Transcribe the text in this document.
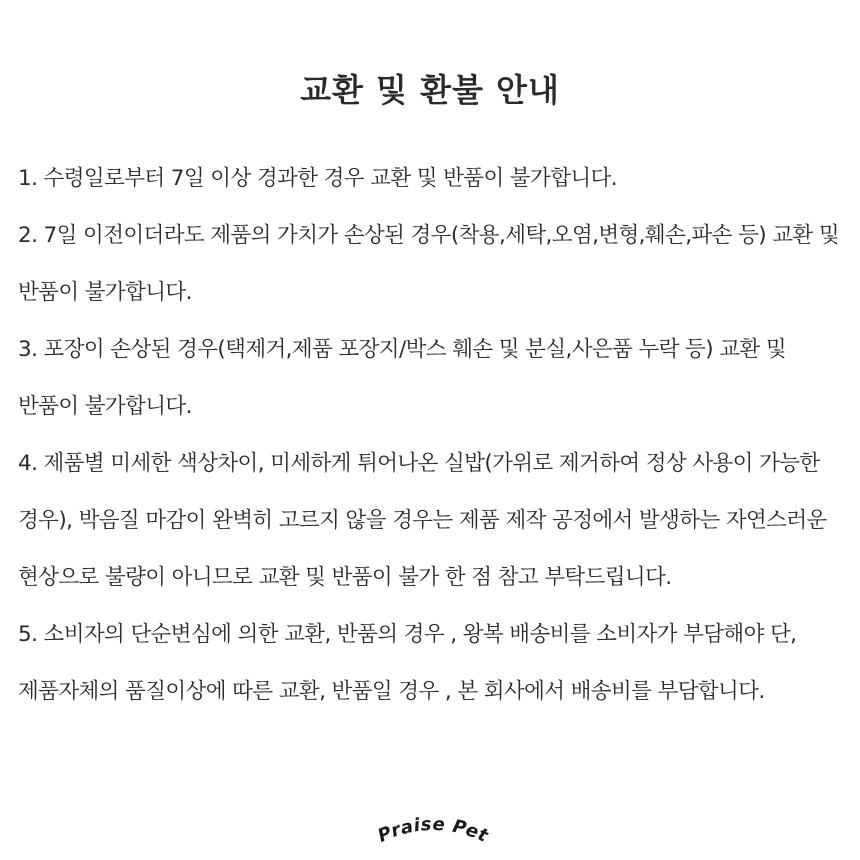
교환 및 환불 안내

1. 수령일로부터 7일 이상 경과한 경우 교환 및 반품이 불가합니다.

2. 7일 이전이더라도 제품의 가치가 손상된 경우(착용,세탁,오염,변형,훼손,파손 등) 교환 및 반품이 불가합니다.

3. 포장이 손상된 경우(택제거,제품 포장지/박스 훼손 및 분실,사은품 누락 등) 교환 및 반품이 불가합니다.

4. 제품별 미세한 색상차이, 미세하게 튀어나온 실밥(가위로 제거하여 정상 사용이 가능한 경우), 박음질 마감이 완벽히 고르지 않을 경우는 제품 제작 공정에서 발생하는 자연스러운 현상으로 불량이 아니므로 교환 및 반품이 불가 한 점 참고 부탁드립니다.

5. 소비자의 단순변심에 의한 교환, 반품의 경우 , 왕복 배송비를 소비자가 부담해야 단, 제품자체의 품질이상에 따른 교환, 반품일 경우 , 본 회사에서 배송비를 부담합니다.

Praise Pet
